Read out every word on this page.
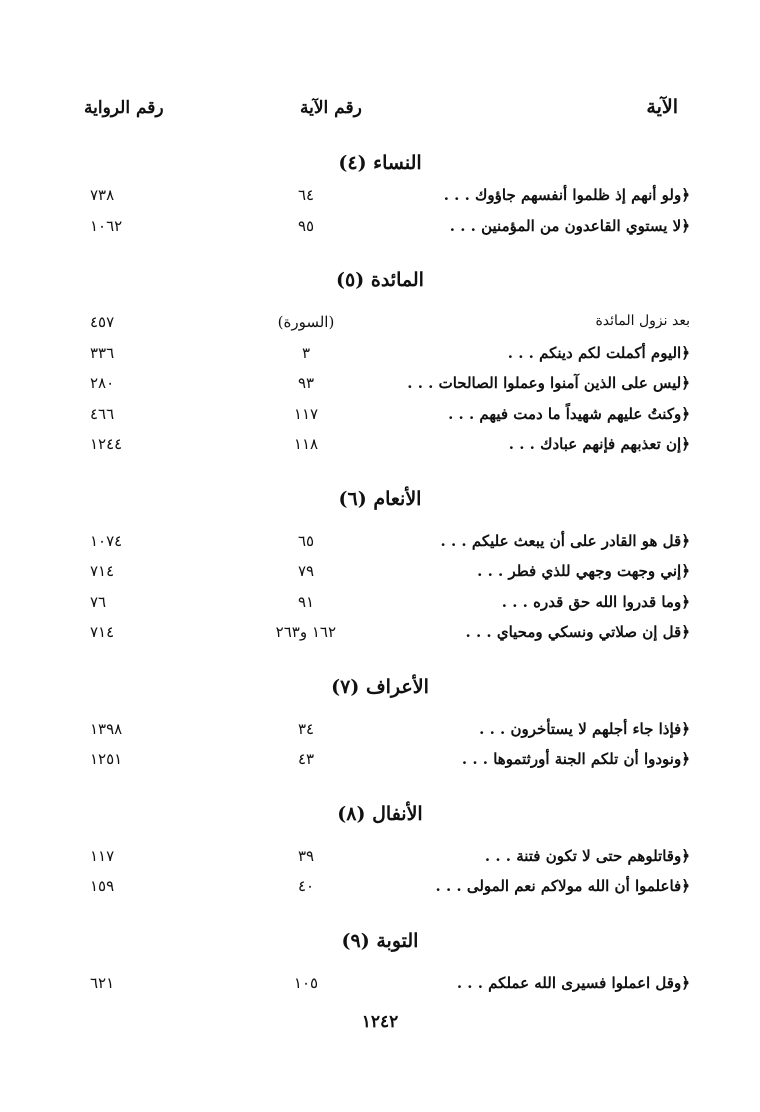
الآية
رقم الآية
رقم الرواية
النساء (٤)
﴿ولو أنهم إذ ظلموا أنفسهم جاؤوك . . .
٦٤
٧٣٨
﴿لا يستوي القاعدون من المؤمنين . . .
٩٥
١٠٦٢
المائدة (٥)
بعد نزول المائدة
(السورة)
٤٥٧
﴿اليوم أكملت لكم دينكم . . .
٣
٣٣٦
﴿ليس على الذين آمنوا وعملوا الصالحات . . .
٩٣
٢٨٠
﴿وكنتُ عليهم شهيداً ما دمت فيهم . . .
١١٧
٤٦٦
﴿إن تعذبهم فإنهم عبادك . . .
١١٨
١٢٤٤
الأنعام (٦)
﴿قل هو القادر على أن يبعث عليكم . . .
٦٥
١٠٧٤
﴿إني وجهت وجهي للذي فطر . . .
٧٩
٧١٤
﴿وما قدروا الله حق قدره . . .
٩١
٧٦
﴿قل إن صلاتي ونسكي ومحياي . . .
١٦٢ و٢٦٣
٧١٤
الأعراف (٧)
﴿فإذا جاء أجلهم لا يستأخرون . . .
٣٤
١٣٩٨
﴿ونودوا أن تلكم الجنة أورثتموها . . .
٤٣
١٢٥١
الأنفال (٨)
﴿وقاتلوهم حتى لا تكون فتنة . . .
٣٩
١١٧
﴿فاعلموا أن الله مولاكم نعم المولى . . .
٤٠
١٥٩
التوبة (٩)
﴿وقل اعملوا فسيرى الله عملكم . . .
١٠٥
٦٢١
١٢٤٢
